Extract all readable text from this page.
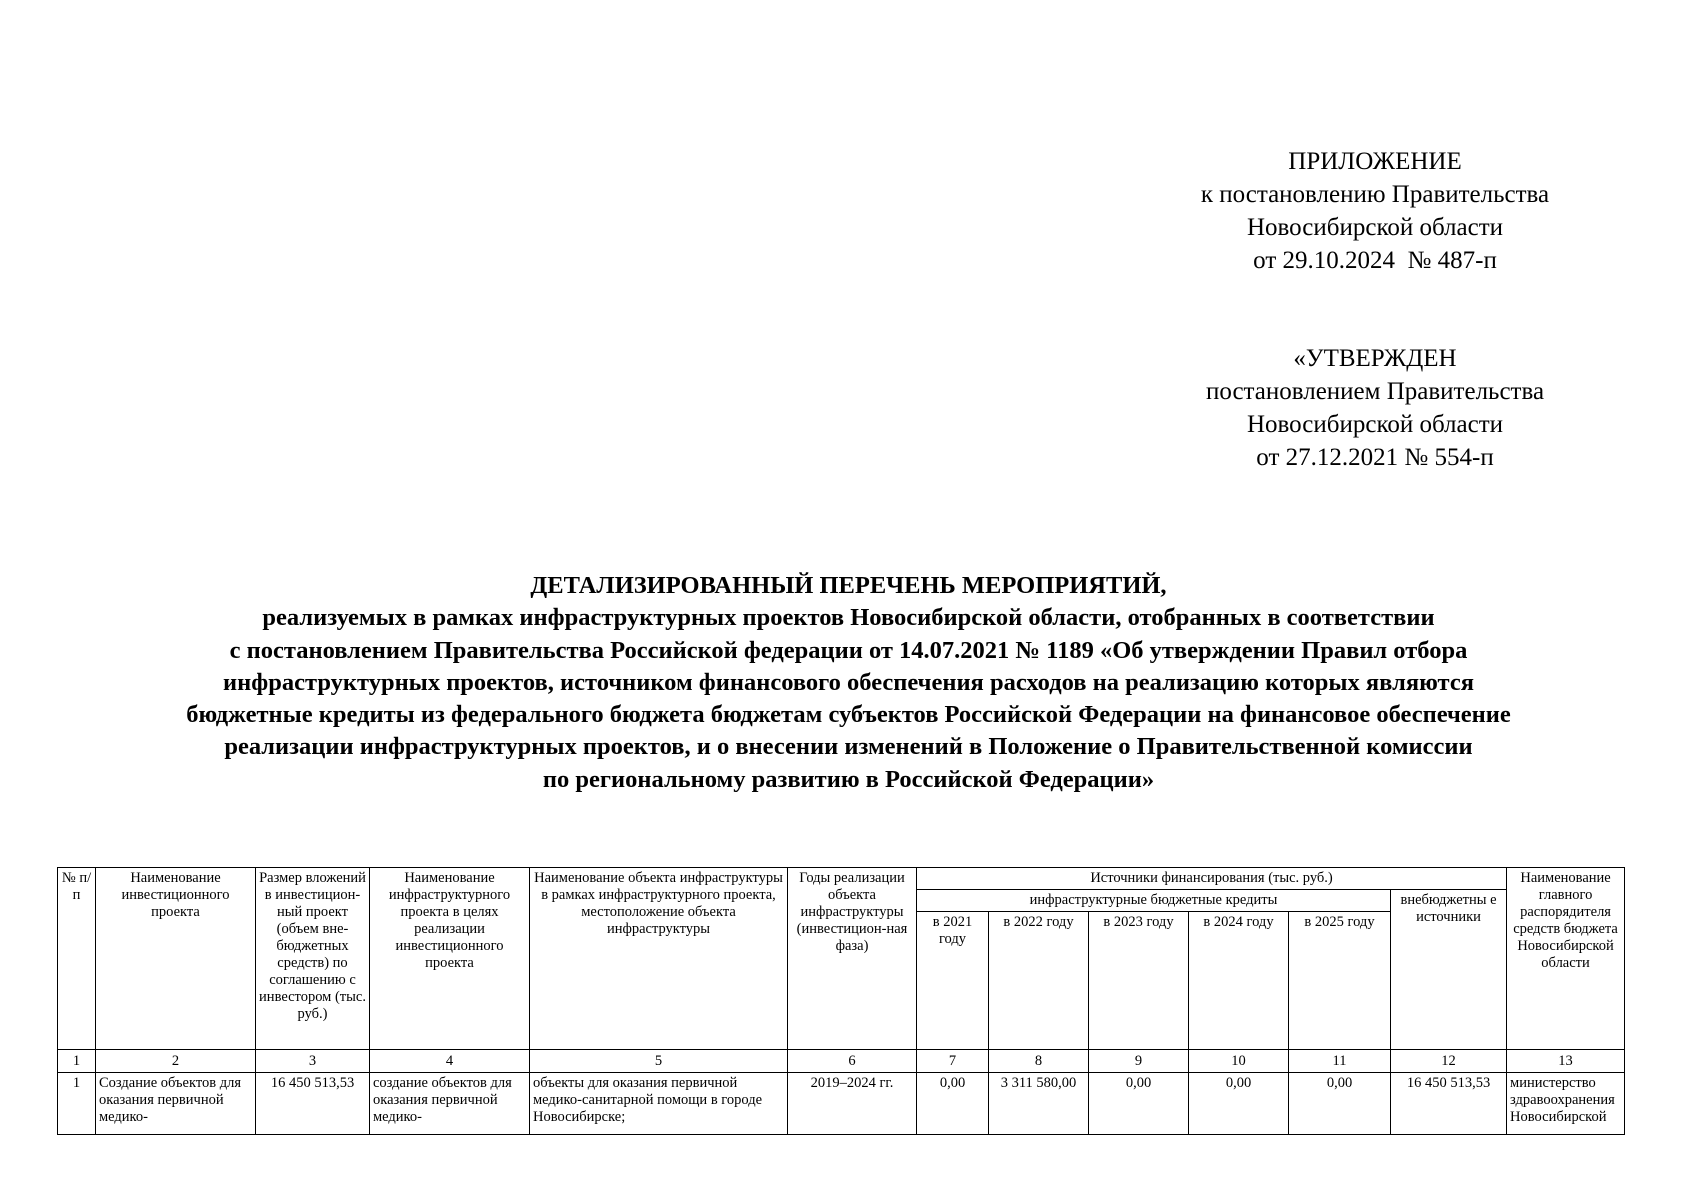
ПРИЛОЖЕНИЕ
к постановлению Правительства
Новосибирской области
от 29.10.2024  № 487-п
«УТВЕРЖДЕН
постановлением Правительства
Новосибирской области
от 27.12.2021 № 554-п
ДЕТАЛИЗИРОВАННЫЙ ПЕРЕЧЕНЬ МЕРОПРИЯТИЙ,
реализуемых в рамках инфраструктурных проектов Новосибирской области, отобранных в соответствии
с постановлением Правительства Российской федерации от 14.07.2021 № 1189 «Об утверждении Правил отбора
инфраструктурных проектов, источником финансового обеспечения расходов на реализацию которых являются
бюджетные кредиты из федерального бюджета бюджетам субъектов Российской Федерации на финансовое обеспечение
реализации инфраструктурных проектов, и о внесении изменений в Положение о Правительственной комиссии
по региональному развитию в Российской Федерации»
№ п/п	Наименование инвестиционного проекта	Размер вложений в инвестицион-ный проект (объем вне-бюджетных средств) по соглашению с инвестором (тыс. руб.)	Наименование инфраструктурного проекта в целях реализации инвестиционного проекта	Наименование объекта инфраструктуры в рамках инфраструктурного проекта, местоположение объекта инфраструктуры	Годы реализации объекта инфраструктуры (инвестицион-ная фаза)	Источники финансирования (тыс. руб.)						Наименование главного распорядителя средств бюджета Новосибирской области
						инфраструктурные бюджетные кредиты					внебюджетны е источники	
						в 2021 году	в 2022 году	в 2023 году	в 2024 году	в 2025 году		
1	2	3	4	5	6	7	8	9	10	11	12	13
1	Создание объектов для оказания первичной медико-	16 450 513,53	создание объектов для оказания первичной медико-	объекты для оказания первичной медико-санитарной помощи в городе Новосибирске;	2019–2024 гг.	0,00	3 311 580,00	0,00	0,00	0,00	16 450 513,53	министерство здравоохранения Новосибирской
